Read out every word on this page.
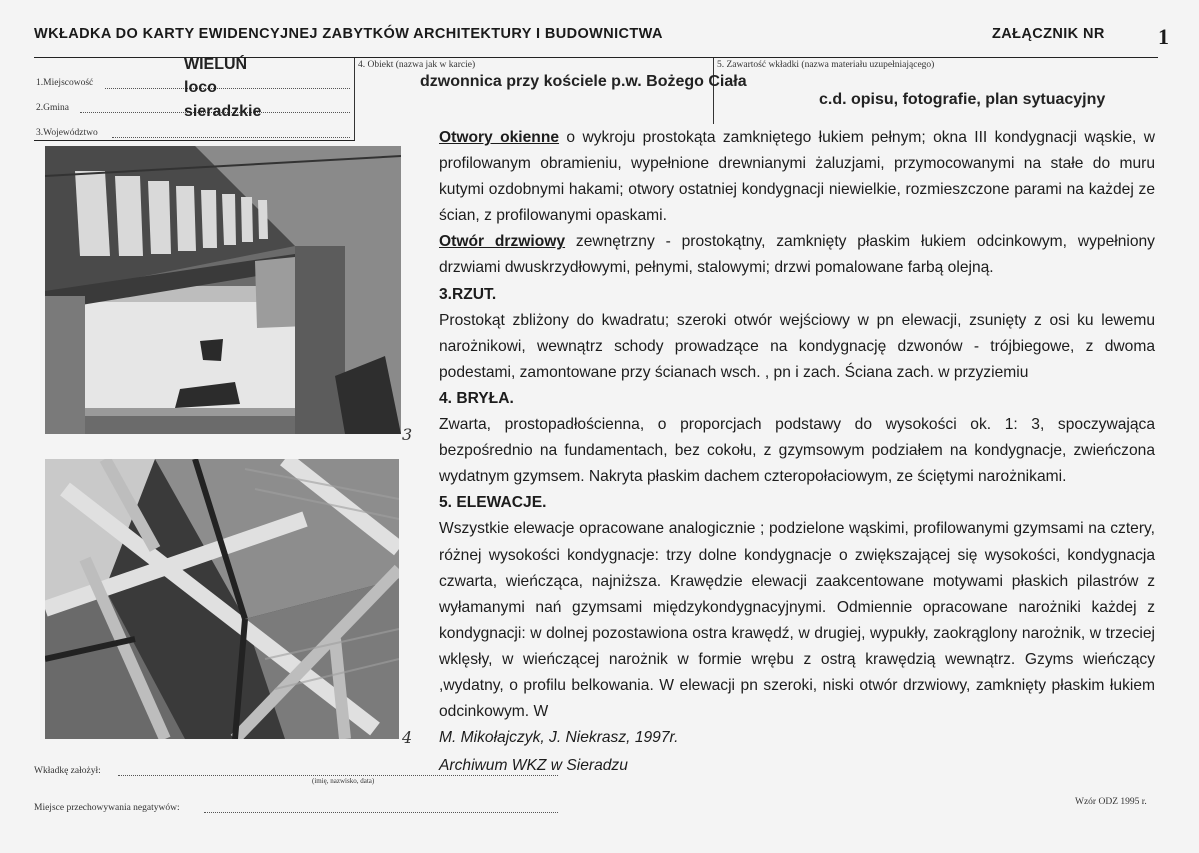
WKŁADKA DO KARTY EWIDENCYJNEJ ZABYTKÓW ARCHITEKTURY I BUDOWNICTWA	ZAŁĄCZNIK NR 1
1.Miejscowość
WIELUŃ
2.Gmina
loco
3.Województwo
sieradzkie
4. Obiekt (nazwa jak w karcie)
dzwonnica przy kościele p.w. Bożego Ciała
5. Zawartość wkładki (nazwa materiału uzupełniającego)
c.d. opisu, fotografie, plan sytuacyjny
3
4

Otwory okienne o wykroju prostokąta zamkniętego łukiem pełnym; okna III kondygnacji wąskie, w profilowanym obramieniu, wypełnione drewnianymi żaluzjami, przymocowanymi na stałe do muru kutymi ozdobnymi hakami; otwory ostatniej kondygnacji niewielkie, rozmieszczone parami na każdej ze ścian, z profilowanymi opaskami.

Otwór drzwiowy zewnętrzny - prostokątny, zamknięty płaskim łukiem odcinkowym, wypełniony drzwiami dwuskrzydłowymi, pełnymi, stalowymi; drzwi pomalowane farbą olejną.

3.RZUT.

Prostokąt zbliżony do kwadratu; szeroki otwór wejściowy w pn elewacji, zsunięty z osi ku lewemu narożnikowi, wewnątrz schody prowadzące na kondygnację dzwonów - trójbiegowe, z dwoma podestami, zamontowane przy ścianach wsch. , pn i zach. Ściana zach. w przyziemiu

4. BRYŁA.

Zwarta, prostopadłościenna, o proporcjach podstawy do wysokości ok. 1: 3, spoczywająca bezpośrednio na fundamentach, bez cokołu, z gzymsowym podziałem na kondygnacje, zwieńczona wydatnym gzymsem. Nakryta płaskim dachem czteropołaciowym, ze ściętymi narożnikami.

5. ELEWACJE.

Wszystkie elewacje opracowane analogicznie ; podzielone wąskimi, profilowanymi gzymsami na cztery, różnej wysokości kondygnacje: trzy dolne kondygnacje o zwiększającej się wysokości, kondygnacja czwarta, wieńcząca, najniższa. Krawędzie elewacji zaakcentowane motywami płaskich pilastrów z wyłamanymi nań gzymsami międzykondygnacyjnymi. Odmiennie opracowane narożniki każdej z kondygnacji: w dolnej pozostawiona ostra krawędź, w drugiej, wypukły, zaokrąglony narożnik, w trzeciej wklęsły, w wieńczącej narożnik w formie wrębu z ostrą krawędzią wewnątrz. Gzyms wieńczący ,wydatny, o profilu belkowania. W elewacji pn szeroki, niski otwór drzwiowy, zamknięty płaskim łukiem odcinkowym. W

M. Mikołajczyk, J. Niekrasz, 1997r.

Archiwum WKZ w Sieradzu

Wkładkę założył:
(imię, nazwisko, data)
Miejsce przechowywania negatywów:
Wzór ODZ 1995 r.
